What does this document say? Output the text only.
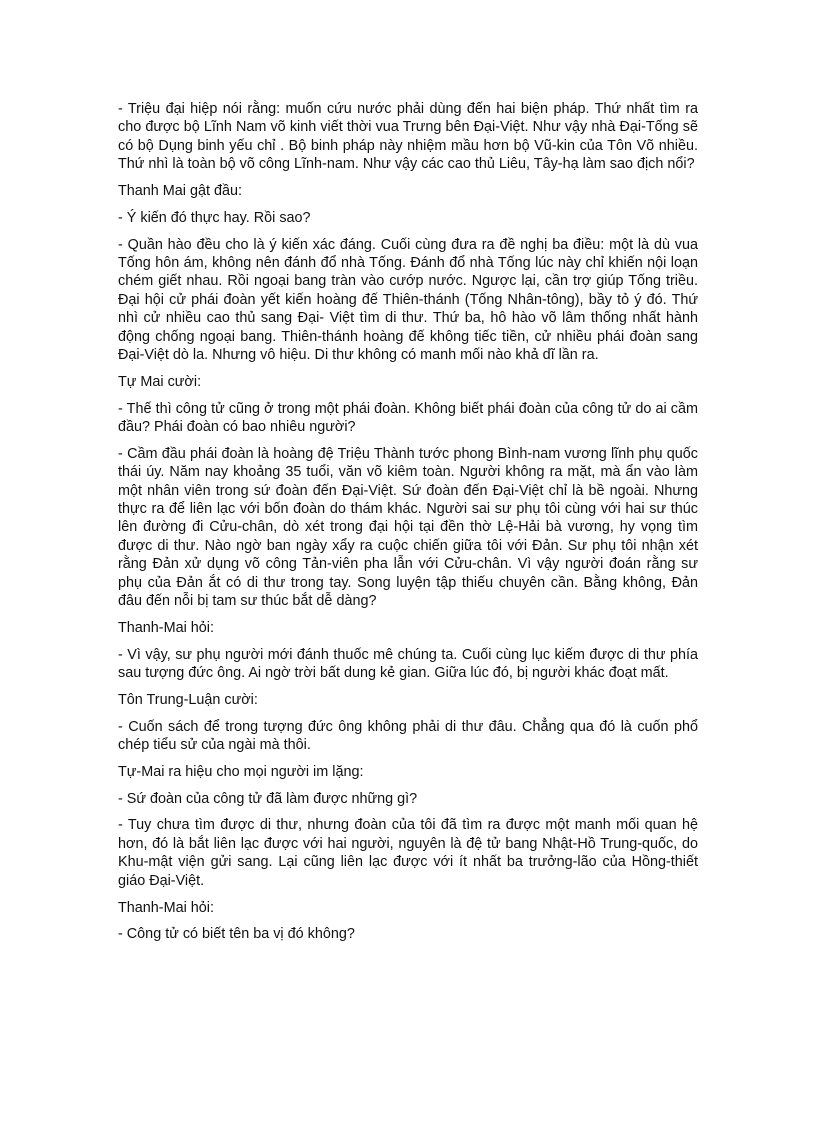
- Triệu đại hiệp nói rằng: muốn cứu nước phải dùng đến hai biện pháp. Thứ nhất tìm ra cho được bộ Lĩnh Nam võ kinh viết thời vua Trưng bên Đại-Việt. Như vậy nhà Đại-Tống sẽ có bộ Dụng binh yếu chỉ . Bộ binh pháp này nhiệm mầu hơn bộ Vũ-kin của Tôn Võ nhiều. Thứ nhì là toàn bộ võ công Lĩnh-nam. Như vậy các cao thủ Liêu, Tây-hạ làm sao địch nổi?

Thanh Mai gật đầu:

- Ý kiến đó thực hay. Rồi sao?

- Quần hào đều cho là ý kiến xác đáng. Cuối cùng đưa ra đề nghị ba điều: một là dù vua Tống hôn ám, không nên đánh đổ nhà Tống. Đánh đổ nhà Tống lúc này chỉ khiến nội loạn chém giết nhau. Rồi ngoại bang tràn vào cướp nước. Ngược lại, cần trợ giúp Tống triều. Đại hội cử phái đoàn yết kiến hoàng đế Thiên-thánh (Tống Nhân-tông), bầy tỏ ý đó. Thứ nhì cử nhiều cao thủ sang Đại- Việt tìm di thư. Thứ ba, hô hào võ lâm thống nhất hành động chống ngoại bang. Thiên-thánh hoàng đế không tiếc tiền, cử nhiều phái đoàn sang Đại-Việt dò la. Nhưng vô hiệu. Di thư không có manh mối nào khả dĩ lần ra.

Tự Mai cười:

- Thế thì công tử cũng ở trong một phái đoàn. Không biết phái đoàn của công tử do ai cầm đầu? Phái đoàn có bao nhiêu người?

- Cầm đầu phái đoàn là hoàng đệ Triệu Thành tước phong Bình-nam vương lĩnh phụ quốc thái úy. Năm nay khoảng 35 tuổi, văn võ kiêm toàn. Người không ra mặt, mà ẩn vào làm một nhân viên trong sứ đoàn đến Đại-Việt. Sứ đoàn đến Đại-Việt chỉ là bề ngoài. Nhưng thực ra để liên lạc với bốn đoàn do thám khác. Người sai sư phụ tôi cùng với hai sư thúc lên đường đi Cửu-chân, dò xét trong đại hội tại đền thờ Lệ-Hải bà vương, hy vọng tìm được di thư. Nào ngờ ban ngày xẩy ra cuộc chiến giữa tôi với Đản. Sư phụ tôi nhận xét rằng Đản xử dụng võ công Tản-viên pha lẫn với Cửu-chân. Vì vậy người đoán rằng sư phụ của Đản ắt có di thư trong tay. Song luyện tập thiếu chuyên cần. Bằng không, Đản đâu đến nỗi bị tam sư thúc bắt dễ dàng?

Thanh-Mai hỏi:

- Vì vậy, sư phụ người mới đánh thuốc mê chúng ta. Cuối cùng lục kiếm được di thư phía sau tượng đức ông. Ai ngờ trời bất dung kẻ gian. Giữa lúc đó, bị người khác đoạt mất.

Tôn Trung-Luận cười:

- Cuốn sách để trong tượng đức ông không phải di thư đâu. Chẳng qua đó là cuốn phổ chép tiểu sử của ngài mà thôi.

Tự-Mai ra hiệu cho mọi người im lặng:

- Sứ đoàn của công tử đã làm được những gì?

- Tuy chưa tìm được di thư, nhưng đoàn của tôi đã tìm ra được một manh mối quan hệ hơn, đó là bắt liên lạc được với hai người, nguyên là đệ tử bang Nhật-Hồ Trung-quốc, do Khu-mật viện gửi sang. Lại cũng liên lạc được với ít nhất ba trưởng-lão của Hồng-thiết giáo Đại-Việt.

Thanh-Mai hỏi:

- Công tử có biết tên ba vị đó không?
